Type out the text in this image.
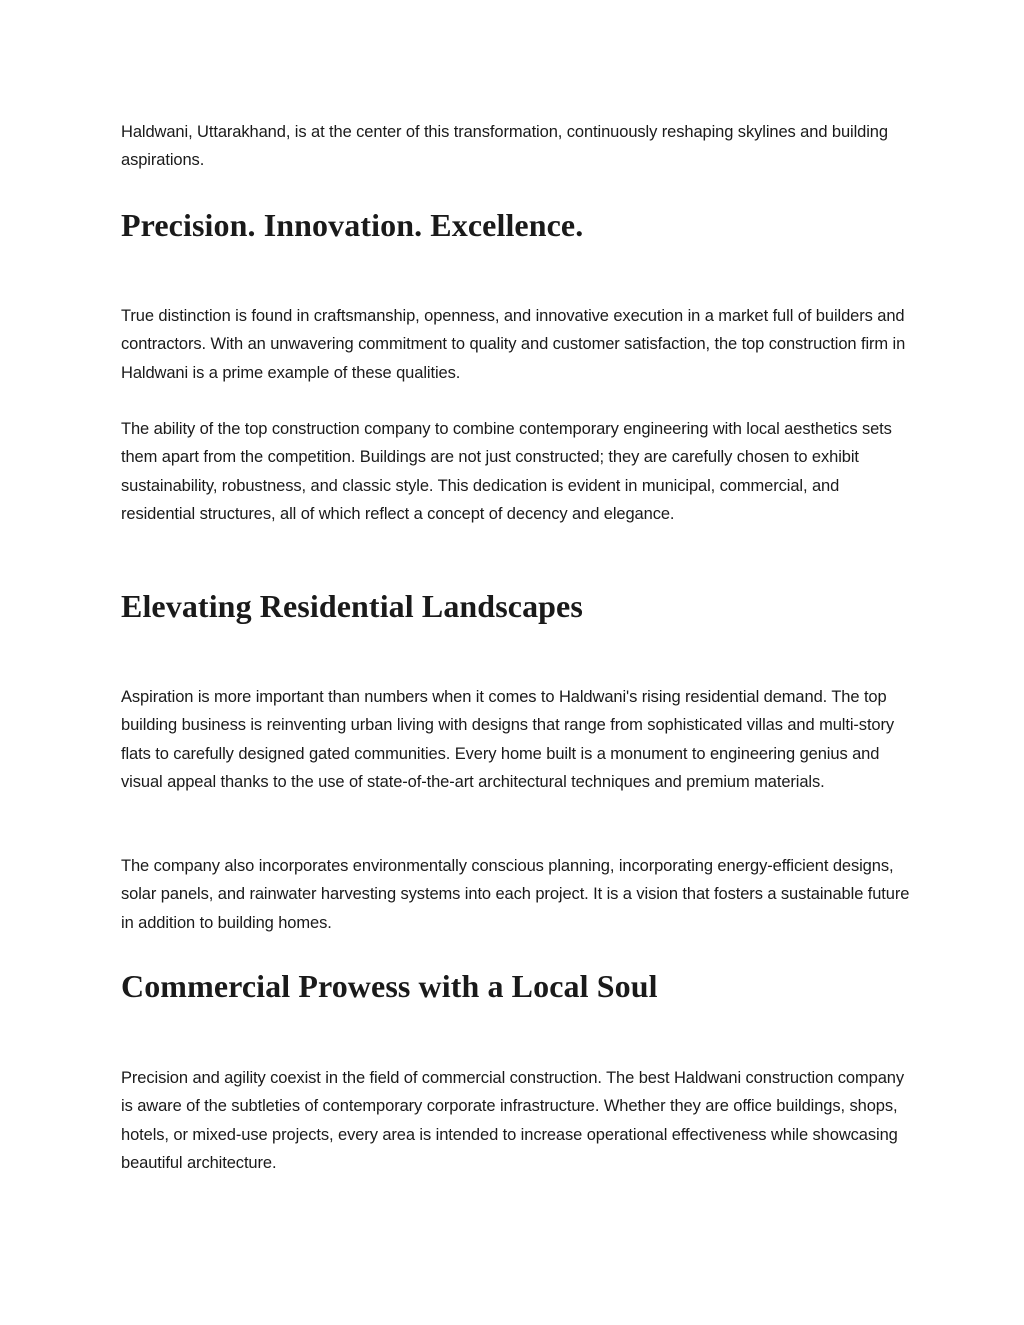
Haldwani, Uttarakhand, is at the center of this transformation, continuously reshaping skylines and building aspirations.

Precision. Innovation. Excellence.

True distinction is found in craftsmanship, openness, and innovative execution in a market full of builders and contractors. With an unwavering commitment to quality and customer satisfaction, the top construction firm in Haldwani is a prime example of these qualities.

The ability of the top construction company to combine contemporary engineering with local aesthetics sets them apart from the competition. Buildings are not just constructed; they are carefully chosen to exhibit sustainability, robustness, and classic style. This dedication is evident in municipal, commercial, and residential structures, all of which reflect a concept of decency and elegance.

Elevating Residential Landscapes

Aspiration is more important than numbers when it comes to Haldwani's rising residential demand. The top building business is reinventing urban living with designs that range from sophisticated villas and multi-story flats to carefully designed gated communities. Every home built is a monument to engineering genius and visual appeal thanks to the use of state-of-the-art architectural techniques and premium materials.

The company also incorporates environmentally conscious planning, incorporating energy-efficient designs, solar panels, and rainwater harvesting systems into each project. It is a vision that fosters a sustainable future in addition to building homes.

Commercial Prowess with a Local Soul

Precision and agility coexist in the field of commercial construction. The best Haldwani construction company is aware of the subtleties of contemporary corporate infrastructure. Whether they are office buildings, shops, hotels, or mixed-use projects, every area is intended to increase operational effectiveness while showcasing beautiful architecture.
